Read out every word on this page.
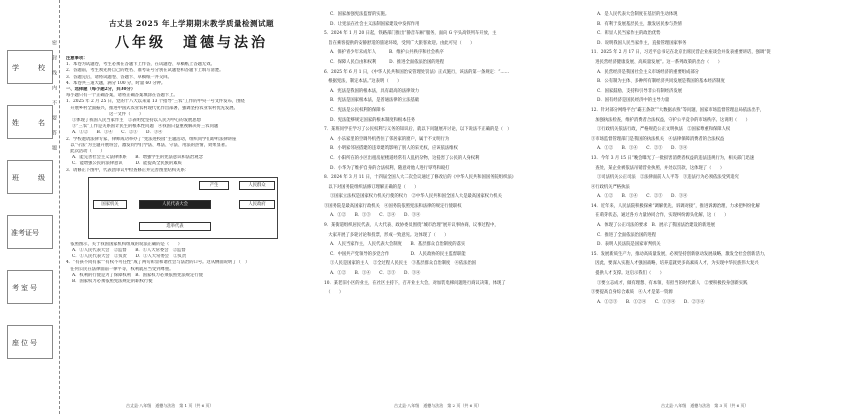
学　校
姓　名
班　级
准考证号
考室号
座位号
密　　封　　线　　内　　不　　要　　答　　题
古丈县 2025 年上学期期末教学质量检测试题
八年级　道德与法治
注意事项：
1．本卷为试题卷，考生必须在答题卡上作答，在试题卷、草稿纸上答题无效。
2．答题前，考生须先将自己的姓名、准考证号分别在试题卷和答题卡上填写清楚。
3．答题完后，请将试题卷、答题卡、草稿纸一并交回。
4．本卷共三道大题，满分 100 分，时量 60 分钟。
一、选择题（每小题2分，共30分）
每小题只有一个正确答案，请将正确答案填涂在答题卡上。
1．2025 年 2 月 25 日，党的十八大以来第 13 个指导“三农”工作的中央一号文件发布，围绕
　开展乡村全面振兴，推进中国式农业农村现代化作出部署，强调坚持农业农村优先发展。
　　　　　　　　　　这一文件（　　）
①体现了我国人民当家作主　②表明党坚持以人民为中心的发展思想
③“三农”工作是关系国计民生的根本性问题　④我国日益重视解决好三农问题
A．①②　　B．①④　　C．②③　　D．③④
2．学校邀请法律专家、律师成功举办了“宪法进校园”主题活动，组织同学们聆听法律讲座
　以“守法”为主题开展班会，激发同学们学法、尊法、守法、用法的热情，效果显著。
　此次活动（　　）
A．能完善社会主义法律体系　　B．增强学生的宪法意识和法治观念
C．能增强公民的法律意识　　　D．能提高全民族的素质
3．请修正下图中，代表团审议中检查修正并完善图里结构关系：
产生	人民群众
国家机关	人民代表大会	人民政府
选举代表
　依照图示，关于我国国家机构组成的说法正确的是（　　）
A．①人民代表大会　②监督　　B．①人大常委会　②监督
C．①人民代表大会　②负责　　D．①人大常委会　②负责
4．“有孩不同有家”“有权不可任性”成了两句彰显和谐社会与法治的口号。这从侧面说明了（　）
　任何公民在法律面前一律平等，权利就应当受到尊重。
A．权利的行使是为了保障权利　B．国家权力必须依照宪法规定行使
B．国家权力必须依照宪法规定的职权行使
古丈县·八年级　道德与法治　第 1 页（共 6 页）
C．国家加强宪法监督的实施。
D．让宪法在社会主义法制国家建设中发挥作用
5．2024 年 1 月 20 日起，铁路部门推出“静音车厢”服务，面向 G 字头高铁列车开放，主
　旨在乘客提供的安静舒适的旅途环境，受到广大旅客欢迎。由此可见（　　）
A．保护青少年未成年人　　　B．维护公共秩序和社会秩序
C．保障人民自由和权利　　　D．推进全面依法治国的进程
6．2025 年 6 月 1 日，《中华人民共和国治安管理处罚法》正式施行，该法的第一条规定：“……
　根据宪法，制定本法。”这表明（　　）
A．宪法是我国的根本法，具有最高的法律效力
B．宪法是国家根本法，是普通法律的立法基础
C．宪法是公民权利的保障书
D．宪法能够规定国家的根本制度和根本任务
7．某班同学在学习了公民权利与义务的知识后，就以下问题展开讨论，以下说法不正确的是（　）
A．小乐家里的空调外机挡住了邻居家的窗户，属于不文明行为
B．小明家邻居搭建的违章建筑影响了别人的采光权，应该依法维权
C．小阳所在的小区出租房屋楼道经常有人乱扔杂物，这侵害了公民的人身权利
D．小华为了维护自身的合法权利，随意对他人进行辱骂和殴打
8．2024 年 3 月 11 日，十四届全国人大二次会议通过了修改后的《中华人民共和国国务院组织法》
　以下对国务院组织法修订理解正确的是（　　）
①国家立法权是国家权力机关行使的权力　②中华人民共和国全国人大是最高国家权力机关
③国务院是最高国家行政机关　④国务院依照宪法和法律的规定行使职权
A．①②　　B．①③　　C．②④　　D．③④
9．某街道组织居民代表、人大代表、政协委员围绕“城市治理”展开议事协商，议事过程中，
　大家开展了多轮讨论和投票，形成一致意见。这体现了（　　）
A．人民当家作主，人民代表大会制度　　B．基层群众自治制度的落实
C．中国共产党领导的多党合作　　　　　D．人民政协的民主监督职能
①人民是国家的主人　②全过程人民民主　③基层群众自治制度　④依法治国
A．①②　　B．①④　　C．②③　　D．③④
10．某老旧小区的业主，在社区主持下，召开业主大会，对加装电梯问题进行商议决策，体现了
　（　　）
古丈县·八年级　道德与法治　第 2 页（共 6 页）
A．是人民代表大会制度在基层的生动体现
B．有利于发展基层民主，激发居民参与热情
C．彰显人民当家作主的政治优势
D．说明我国人民当家作主，直接管理国家事务
11．2025 年 2 月 17 日，习近平总书记在北京出席民营企业座谈会并发表重要讲话，强调“促
　进民营经济健康发展、高质量发展”。这一系列政策的出台（　　）
A．民营经济是我国社会主义市场经济的重要组成部分
B．公有制为主体、多种所有制经济共同发展是我国的基本经济制度
C．国家鼓励、支持和引导非公有制经济发展
D．国有经济是国民经济中的主导力量
12．针对部分网络平台“霸王条款”“大数据杀熟”等问题，国家市场监督管理总局依法出手，
　加强执法检查，维护消费者合法权益，守护公平竞争的市场秩序。这说明（　　）
①行政机关依法行政，严格规范公正文明执法　②国家尊重和保障人权
③市场监督管理部门是我国的执法机关　④法律保障消费者的合法权益
A．①②　　B．①④　　C．②③　　D．③④
13．今年 3 月 15 日“晚会曝光了一批损害消费者权益的违法违规行为，相关部门迅速
　查处，某企业被依法吊销营业执照，并处以罚款，这体现了（　　）
①司法机关公正司法　②法律面前人人平等　③违法行为必须依法受到追究
④行政机关严格执法
A．①②　　B．①④　　C．②③　　D．③④
14．近年来，人民法院积极探索“调解优先、诉调对接”，推进诉源治理，力求把纠纷化解
　在萌芽状态，通过各方力量协同合作，实现纠纷源头化解，这（　　）
A．体现了公正司法的要求　B．展示了我国法治建设的新进展
C．推进了全面依法治国的进程
D．表明人民法院是国家审判机关
15．发展新质生产力，推动高质量发展，必须坚持创新驱动发展战略，激发全社会创新活力，
　因此，要深入实施人才强国战略，培养造就更多高素质人才，为实现中华民族伟大复兴
　提供人才支撑。这启示我们（　　）
①要立志成才，做有理想、有本领、有担当的时代新人　②要积极投身创新实践
③要提高自身综合素质　④人才是第一资源
A．①②③　　B．①②④　　C．①③④　　D．②③④
古丈县·八年级　道德与法治　第 3 页（共 6 页）
